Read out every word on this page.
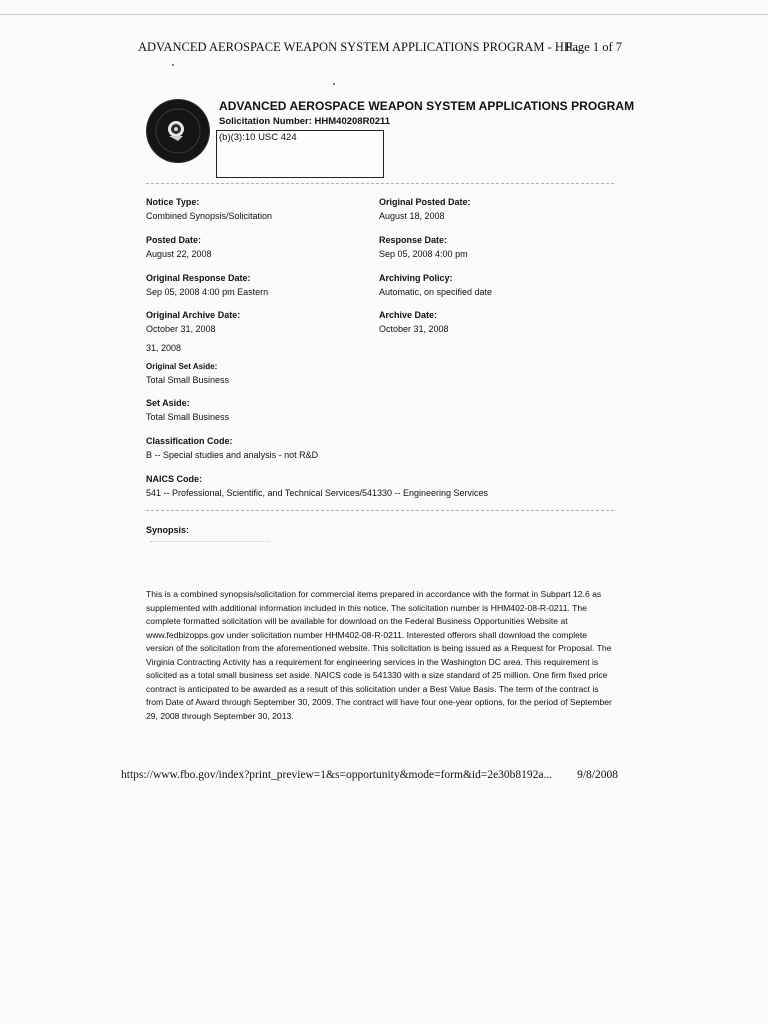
ADVANCED AEROSPACE WEAPON SYSTEM APPLICATIONS PROGRAM - HH...
Page 1 of 7
ADVANCED AEROSPACE WEAPON SYSTEM APPLICATIONS PROGRAM
Solicitation Number: HHM40208R0211
(b)(3):10 USC 424
Notice Type:
Combined Synopsis/Solicitation
Original Posted Date:
August 18, 2008
Posted Date:
August 22, 2008
Response Date:
Sep 05, 2008 4:00 pm
Original Response Date:
Sep 05, 2008 4:00 pm Eastern
Archiving Policy:
Automatic, on specified date
Original Archive Date:
October 31, 2008
Archive Date:
October 31, 2008
31, 2008
Original Set Aside:
Total Small Business
Set Aside:
Total Small Business
Classification Code:
B -- Special studies and analysis - not R&D
NAICS Code:
541 -- Professional, Scientific, and Technical Services/541330 -- Engineering Services
Synopsis:
This is a combined synopsis/solicitation for commercial items prepared in accordance with the format in Subpart 12.6 as supplemented with additional information included in this notice. The solicitation number is HHM402-08-R-0211. The complete formatted solicitation will be available for download on the Federal Business Opportunities Website at www.fedbizopps.gov under solicitation number HHM402-08-R-0211. Interested offerors shall download the complete version of the solicitation from the aforementioned website. This solicitation is being issued as a Request for Proposal. The Virginia Contracting Activity has a requirement for engineering services in the Washington DC area. This requirement is solicited as a total small business set aside. NAICS code is 541330 with a size standard of 25 million. One firm fixed price contract is anticipated to be awarded as a result of this solicitation under a Best Value Basis. The term of the contract is from Date of Award through September 30, 2009. The contract will have four one-year options, for the period of September 29, 2008 through September 30, 2013.
https://www.fbo.gov/index?print_preview=1&s=opportunity&mode=form&id=2e30b8192a... 9/8/2008
